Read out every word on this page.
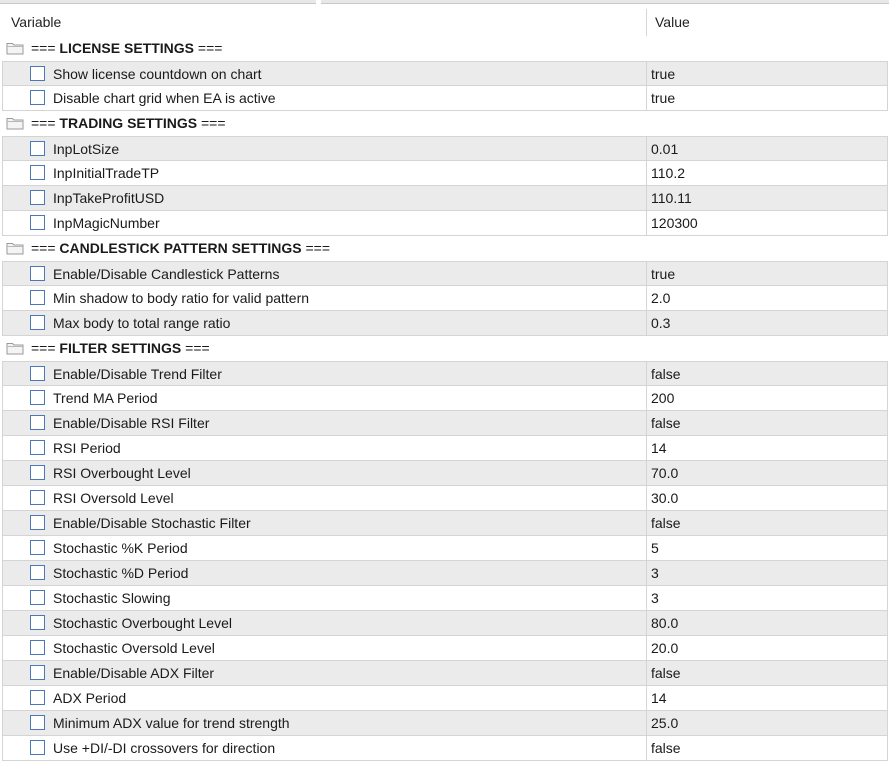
Variable	Value
=== LICENSE SETTINGS ===
Show license countdown on chart	true
Disable chart grid when EA is active	true
=== TRADING SETTINGS ===
InpLotSize	0.01
InpInitialTradeTP	110.2
InpTakeProfitUSD	110.11
InpMagicNumber	120300
=== CANDLESTICK PATTERN SETTINGS ===
Enable/Disable Candlestick Patterns	true
Min shadow to body ratio for valid pattern	2.0
Max body to total range ratio	0.3
=== FILTER SETTINGS ===
Enable/Disable Trend Filter	false
Trend MA Period	200
Enable/Disable RSI Filter	false
RSI Period	14
RSI Overbought Level	70.0
RSI Oversold Level	30.0
Enable/Disable Stochastic Filter	false
Stochastic %K Period	5
Stochastic %D Period	3
Stochastic Slowing	3
Stochastic Overbought Level	80.0
Stochastic Oversold Level	20.0
Enable/Disable ADX Filter	false
ADX Period	14
Minimum ADX value for trend strength	25.0
Use +DI/-DI crossovers for direction	false
